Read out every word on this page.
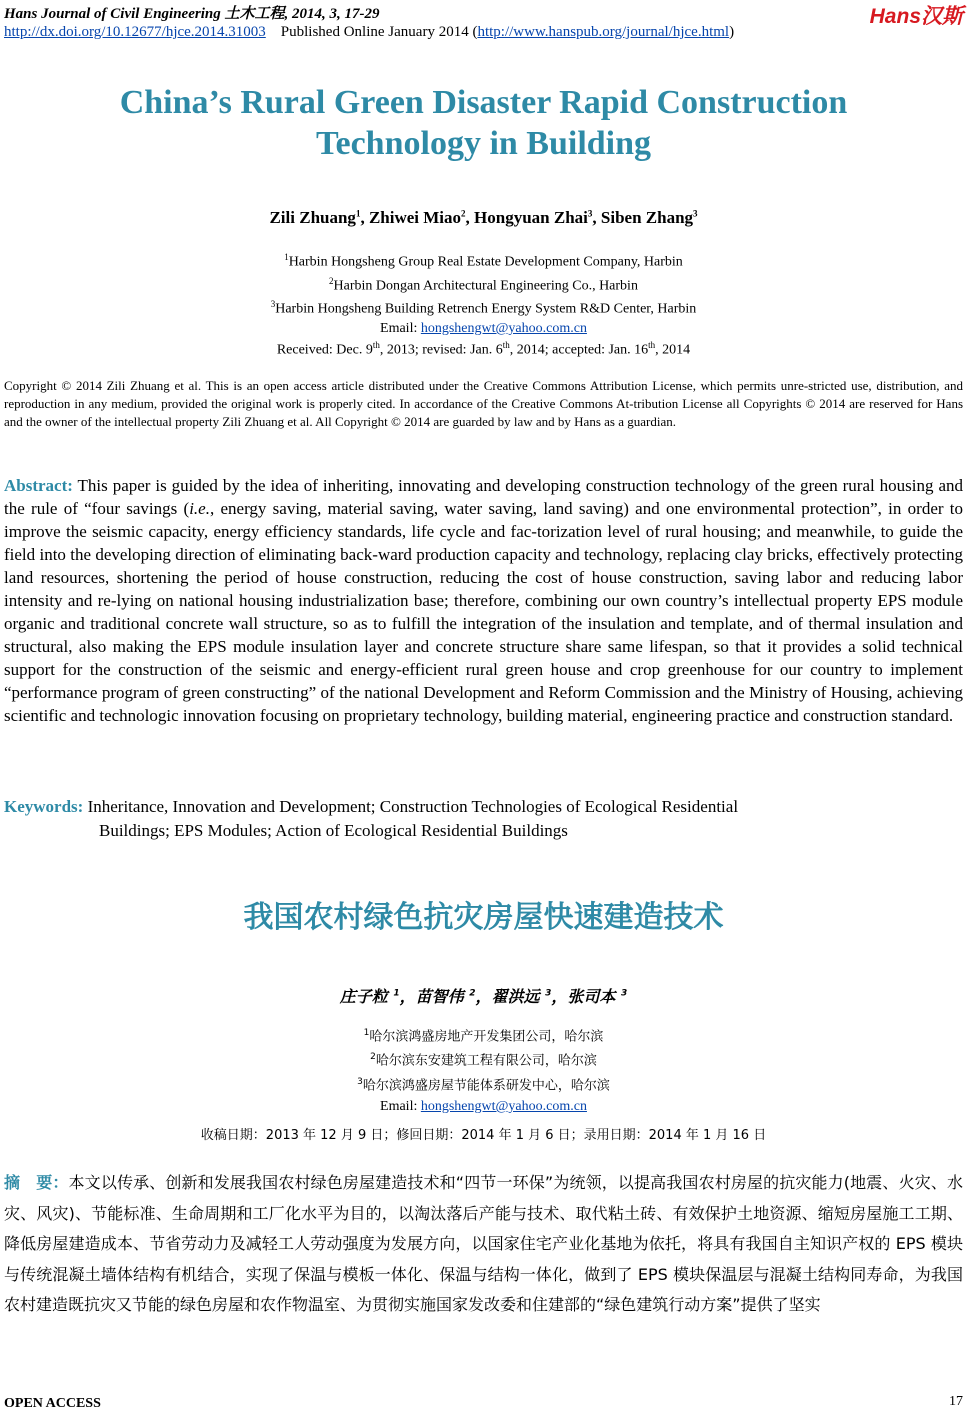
Hans Journal of Civil Engineering 土木工程, 2014, 3, 17-29
http://dx.doi.org/10.12677/hjce.2014.31003 Published Online January 2014 (http://www.hanspub.org/journal/hjce.html)
Hans汉斯
China’s Rural Green Disaster Rapid Construction
Technology in Building
Zili Zhuang$^1$, Zhiwei Miao$^2$, Hongyuan Zhai$^3$, Siben Zhang$^3$
$^1$Harbin Hongsheng Group Real Estate Development Company, Harbin
$^2$Harbin Dongan Architectural Engineering Co., Harbin
$^3$Harbin Hongsheng Building Retrench Energy System R&D Center, Harbin
Email: hongshengwt@yahoo.com.cn
Received: Dec. 9th, 2013; revised: Jan. 6th, 2014; accepted: Jan. 16th, 2014
Copyright © 2014 Zili Zhuang et al. This is an open access article distributed under the Creative Commons Attribution License, which permits unre-stricted use, distribution, and reproduction in any medium, provided the original work is properly cited. In accordance of the Creative Commons At-tribution License all Copyrights © 2014 are reserved for Hans and the owner of the intellectual property Zili Zhuang et al. All Copyright © 2014 are guarded by law and by Hans as a guardian.
Abstract: This paper is guided by the idea of inheriting, innovating and developing construction technology of the green rural housing and the rule of “four savings (i.e., energy saving, material saving, water saving, land saving) and one environmental protection”, in order to improve the seismic capacity, energy efficiency standards, life cycle and fac-torization level of rural housing; and meanwhile, to guide the field into the developing direction of eliminating back-ward production capacity and technology, replacing clay bricks, effectively protecting land resources, shortening the period of house construction, reducing the cost of house construction, saving labor and reducing labor intensity and re-lying on national housing industrialization base; therefore, combining our own country’s intellectual property EPS module organic and traditional concrete wall structure, so as to fulfill the integration of the insulation and template, and of thermal insulation and structural, also making the EPS module insulation layer and concrete structure share same lifespan, so that it provides a solid technical support for the construction of the seismic and energy-efficient rural green house and crop greenhouse for our country to implement “performance program of green constructing” of the national Development and Reform Commission and the Ministry of Housing, achieving scientific and technologic innovation focusing on proprietary technology, building material, engineering practice and construction standard.
Keywords: Inheritance, Innovation and Development; Construction Technologies of Ecological Residential
Buildings; EPS Modules; Action of Ecological Residential Buildings
我国农村绿色抗灾房屋快速建造技术
庄子粒 $^1$，苗智伟 $^2$，翟洪远 $^3$，张司本 $^3$
$^1$哈尔滨鸿盛房地产开发集团公司，哈尔滨
$^2$哈尔滨东安建筑工程有限公司，哈尔滨
$^3$哈尔滨鸿盛房屋节能体系研发中心，哈尔滨
Email: hongshengwt@yahoo.com.cn
收稿日期：2013 年 12 月 9 日；修回日期：2014 年 1 月 6 日；录用日期：2014 年 1 月 16 日
摘　要：本文以传承、创新和发展我国农村绿色房屋建造技术和“四节一环保”为统领，以提高我国农村房屋的抗灾能力(地震、火灾、水灾、风灾)、节能标准、生命周期和工厂化水平为目的，以淘汰落后产能与技术、取代粘土砖、有效保护土地资源、缩短房屋施工工期、降低房屋建造成本、节省劳动力及减轻工人劳动强度为发展方向，以国家住宅产业化基地为依托，将具有我国自主知识产权的 EPS 模块与传统混凝土墙体结构有机结合，实现了保温与模板一体化、保温与结构一体化，做到了 EPS 模块保温层与混凝土结构同寿命，为我国农村建造既抗灾又节能的绿色房屋和农作物温室、为贯彻实施国家发改委和住建部的“绿色建筑行动方案”提供了坚实
OPEN ACCESS	17
